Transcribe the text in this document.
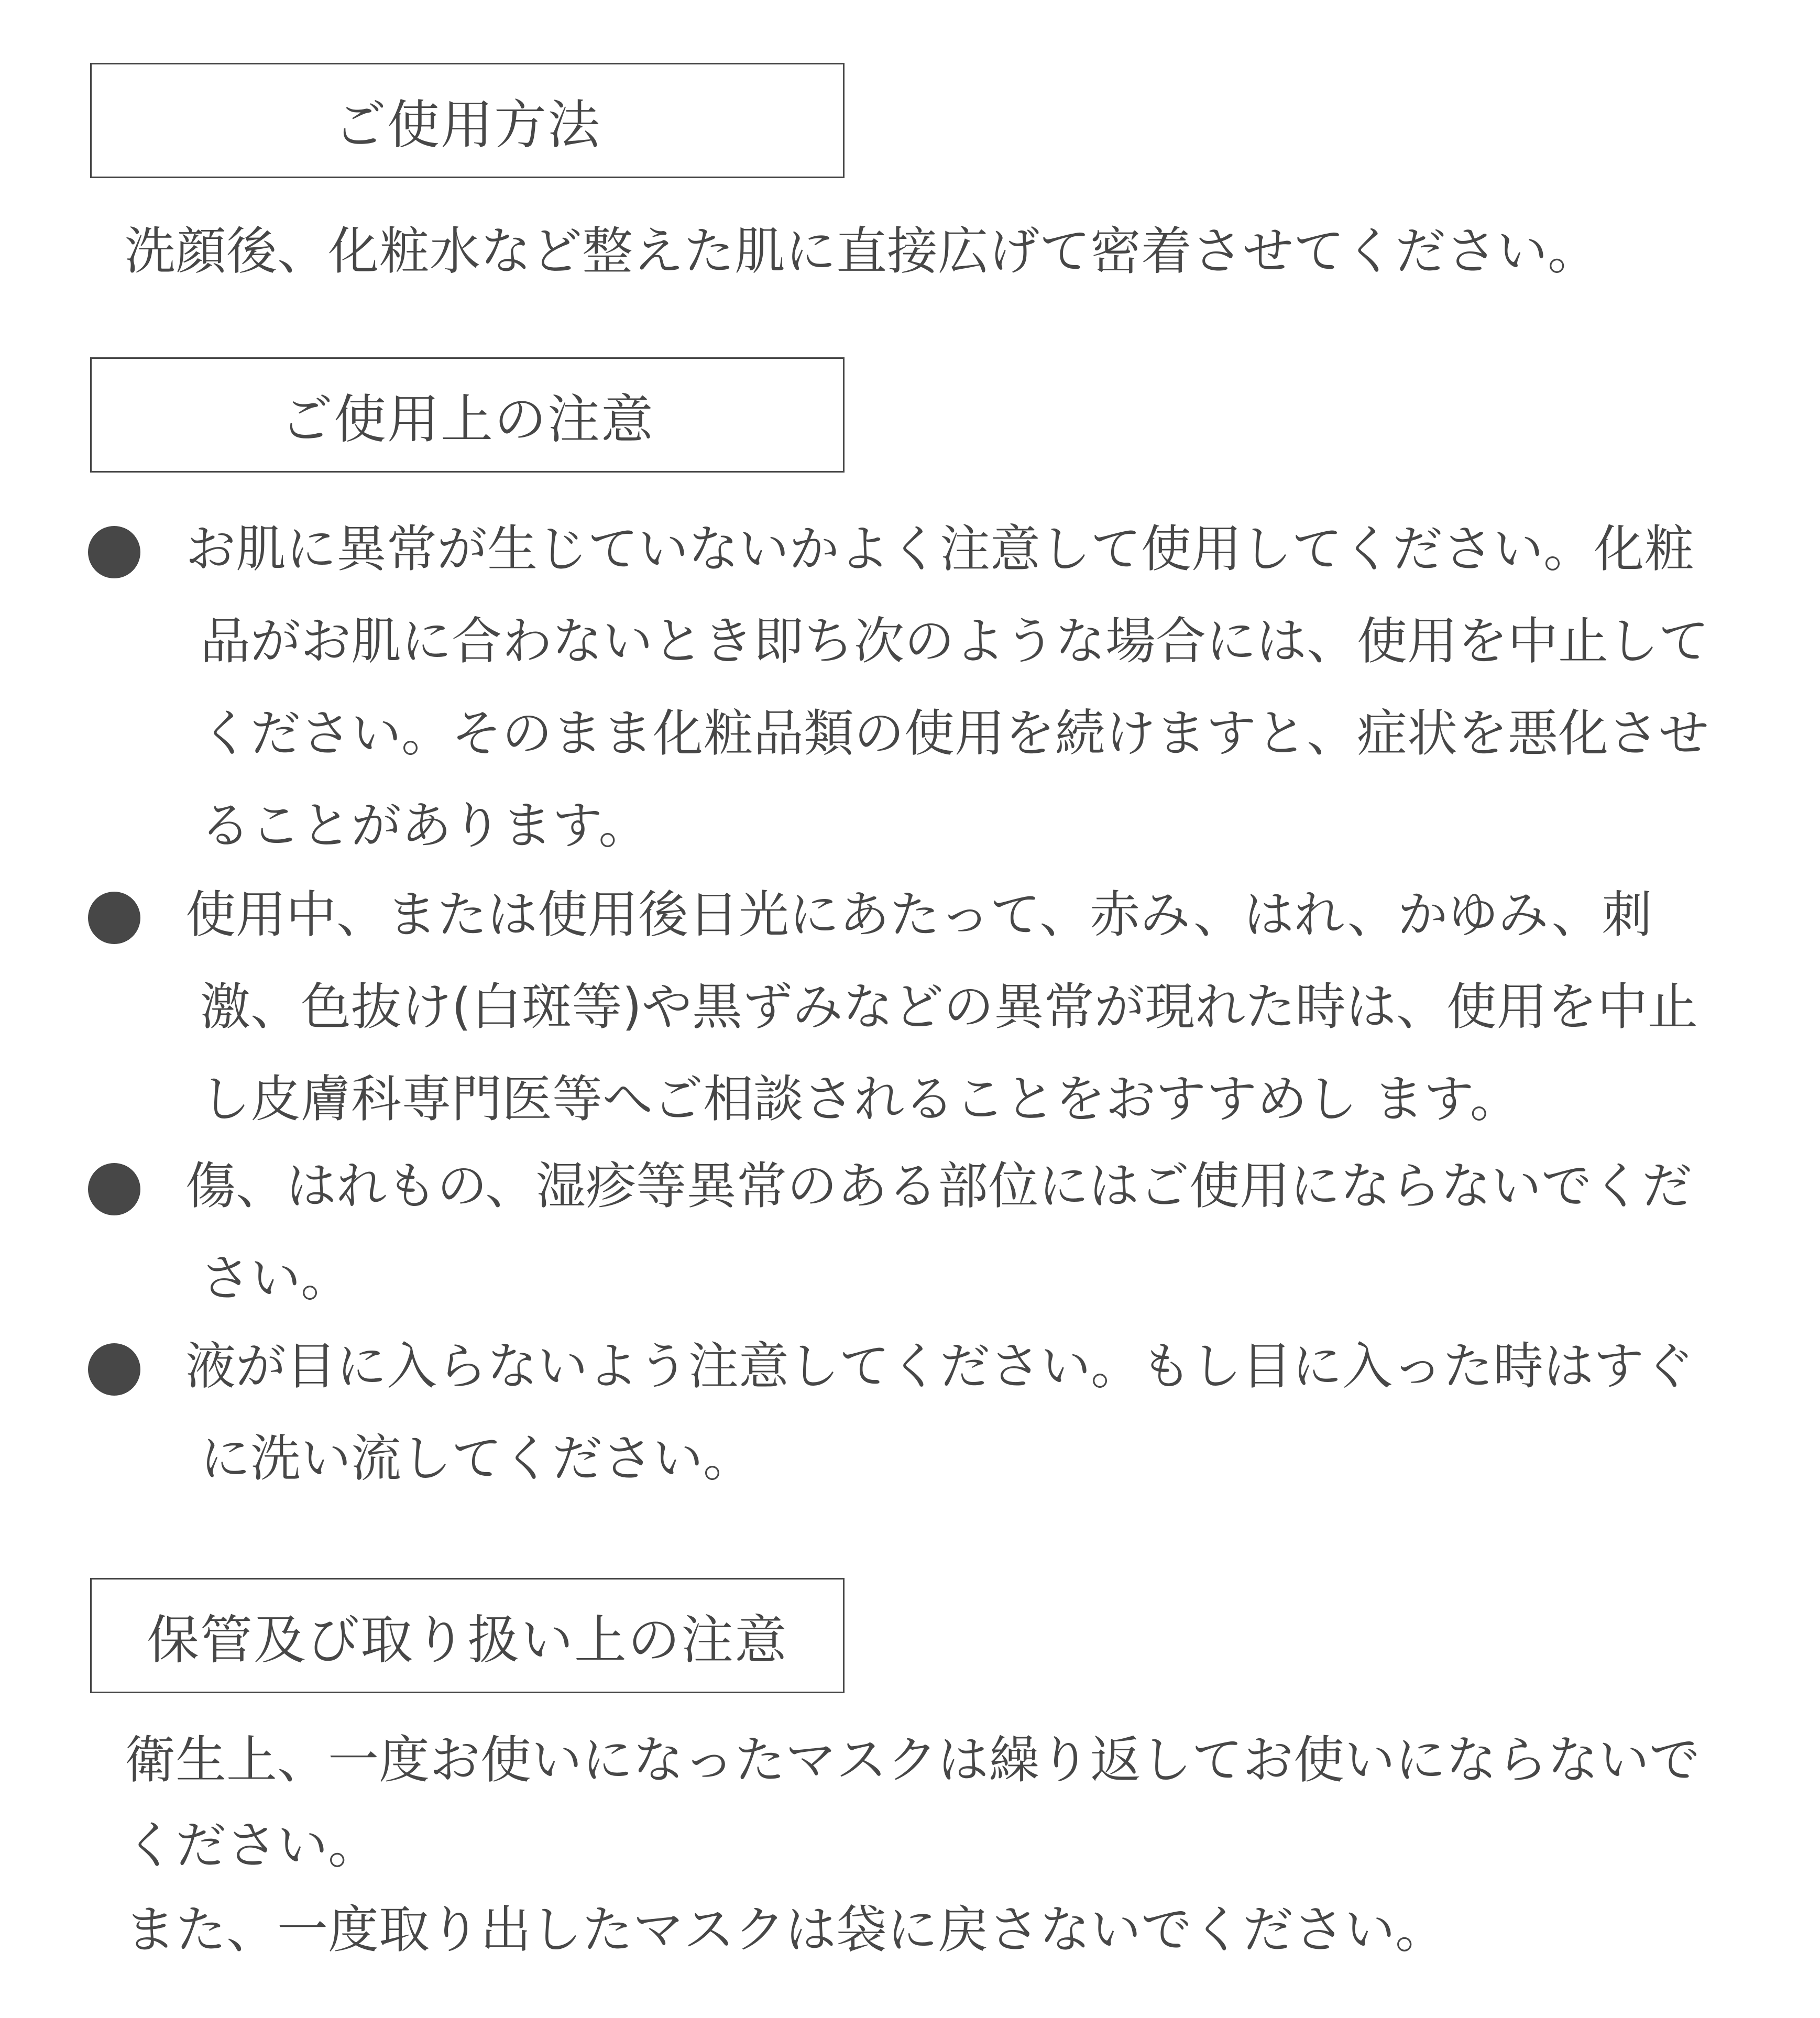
ご使用方法

洗顔後、化粧水など整えた肌に直接広げて密着させてください。

ご使用上の注意
お肌に異常が生じていないかよく注意して使用してください。化粧品がお肌に合わないとき即ち次のような場合には、使用を中止してください。そのまま化粧品類の使用を続けますと、症状を悪化させることがあります。
使用中、または使用後日光にあたって、赤み、はれ、かゆみ、刺激、色抜け(白斑等)や黒ずみなどの異常が現れた時は、使用を中止し皮膚科専門医等へご相談されることをおすすめし ます。
傷、はれもの、湿疹等異常のある部位にはご使用にならないでください。
液が目に入らないよう注意してください。もし目に入った時はすぐに洗い流してください。
保管及び取り扱い上の注意

衛生上、一度お使いになったマスクは繰り返してお使いにならないでください。

また、一度取り出したマスクは袋に戻さないでください。
